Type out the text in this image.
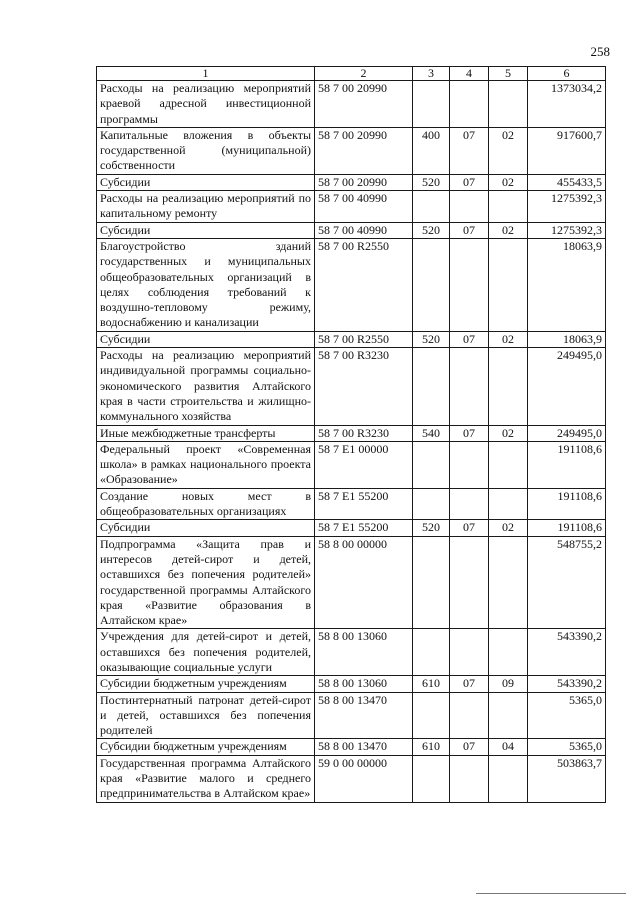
258
1	2	3	4	5	6
Расходы на реализацию мероприятий краевой адресной инвестиционной программы	58 7 00 20990				1373034,2
Капитальные вложения в объекты государственной (муниципальной) собственности	58 7 00 20990	400	07	02	917600,7
Субсидии	58 7 00 20990	520	07	02	455433,5
Расходы на реализацию мероприятий по капитальному ремонту	58 7 00 40990				1275392,3
Субсидии	58 7 00 40990	520	07	02	1275392,3
Благоустройство зданий государственных и муниципальных общеобразовательных организаций в целях соблюдения требований к воздушно-тепловому режиму, водоснабжению и канализации	58 7 00 R2550				18063,9
Субсидии	58 7 00 R2550	520	07	02	18063,9
Расходы на реализацию мероприятий индивидуальной программы социально-экономического развития Алтайского края в части строительства и жилищно-коммунального хозяйства	58 7 00 R3230				249495,0
Иные межбюджетные трансферты	58 7 00 R3230	540	07	02	249495,0
Федеральный проект «Современная школа» в рамках национального проекта «Образование»	58 7 E1 00000				191108,6
Создание новых мест в общеобразовательных организациях	58 7 E1 55200				191108,6
Субсидии	58 7 E1 55200	520	07	02	191108,6
Подпрограмма «Защита прав и интересов детей-сирот и детей, оставшихся без попечения родителей» государственной программы Алтайского края «Развитие образования в Алтайском крае»	58 8 00 00000				548755,2
Учреждения для детей-сирот и детей, оставшихся без попечения родителей, оказывающие социальные услуги	58 8 00 13060				543390,2
Субсидии бюджетным учреждениям	58 8 00 13060	610	07	09	543390,2
Постинтернатный патронат детей-сирот и детей, оставшихся без попечения родителей	58 8 00 13470				5365,0
Субсидии бюджетным учреждениям	58 8 00 13470	610	07	04	5365,0
Государственная программа Алтайского края «Развитие малого и среднего предпринимательства в Алтайском крае»	59 0 00 00000				503863,7
